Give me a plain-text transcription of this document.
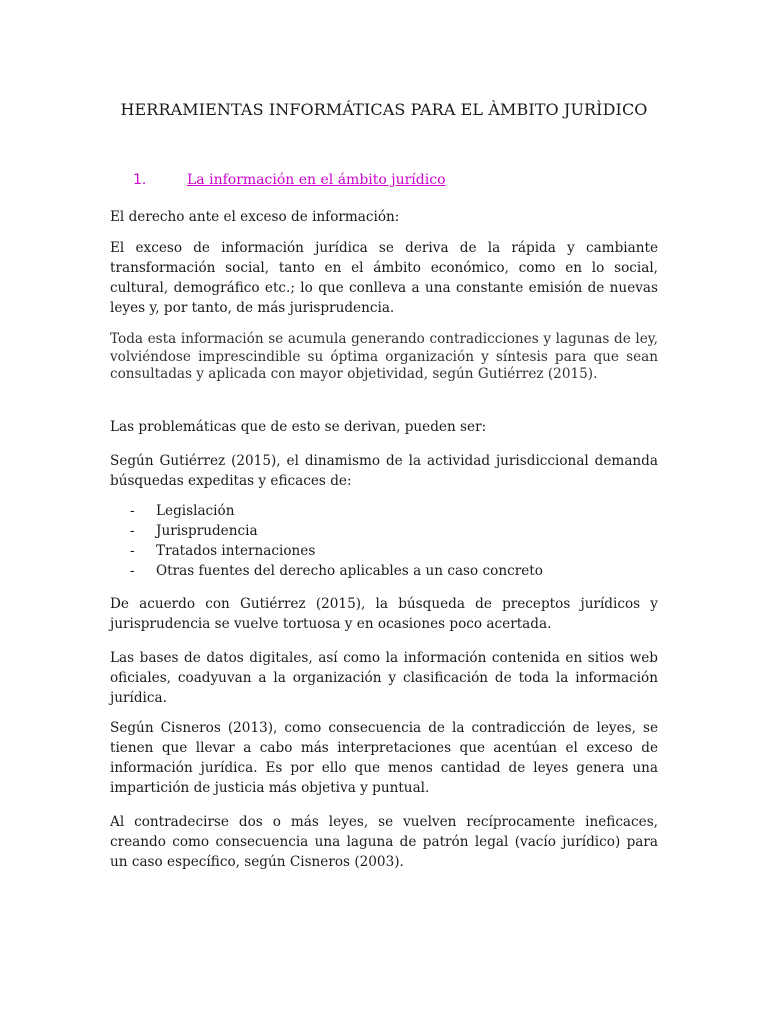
HERRAMIENTAS INFORMÁTICAS PARA EL ÀMBITO JURÌDICO
1.	La información en el ámbito jurídico
El derecho ante el exceso de información:
El exceso de información jurídica se deriva de la rápida y cambiante transformación social, tanto en el ámbito económico, como en lo social, cultural, demográfico etc.; lo que conlleva a una constante emisión de nuevas leyes y, por tanto, de más jurisprudencia.
Toda esta información se acumula generando contradicciones y lagunas de ley, volviéndose imprescindible su óptima organización y síntesis para que sean consultadas y aplicada con mayor objetividad, según Gutiérrez (2015).
Las problemáticas que de esto se derivan, pueden ser:
Según Gutiérrez (2015), el dinamismo de la actividad jurisdiccional demanda búsquedas expeditas y eficaces de:
- Legislación
- Jurisprudencia
- Tratados internaciones
- Otras fuentes del derecho aplicables a un caso concreto
De acuerdo con Gutiérrez (2015), la búsqueda de preceptos jurídicos y jurisprudencia se vuelve tortuosa y en ocasiones poco acertada.
Las bases de datos digitales, así como la información contenida en sitios web oficiales, coadyuvan a la organización y clasificación de toda la información jurídica.
Según Cisneros (2013), como consecuencia de la contradicción de leyes, se tienen que llevar a cabo más interpretaciones que acentúan el exceso de información jurídica. Es por ello que menos cantidad de leyes genera una impartición de justicia más objetiva y puntual.
Al contradecirse dos o más leyes, se vuelven recíprocamente ineficaces, creando como consecuencia una laguna de patrón legal (vacío jurídico) para un caso específico, según Cisneros (2003).
